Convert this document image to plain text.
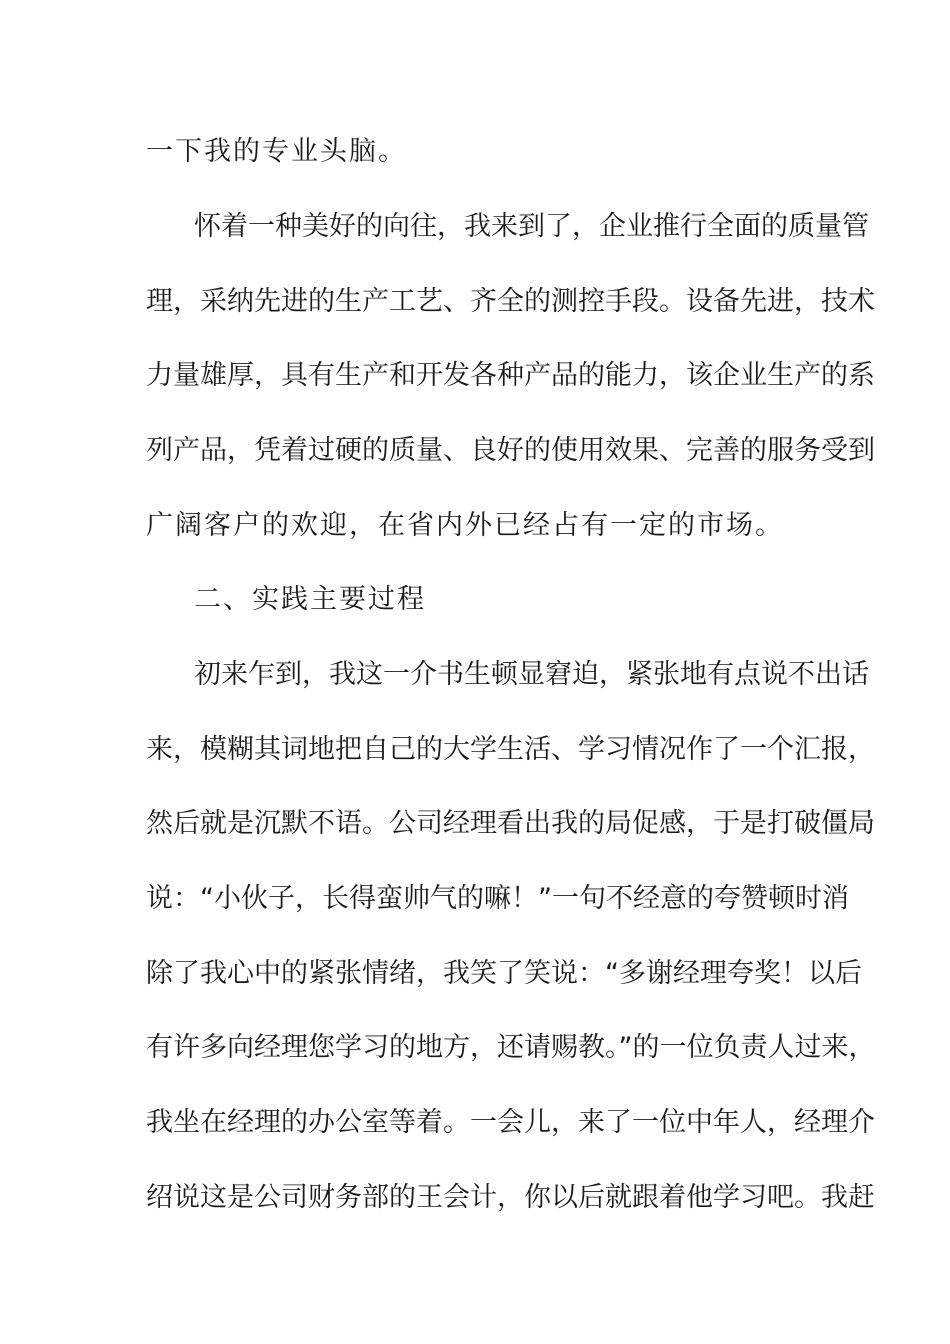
一下我的专业头脑。
怀着一种美好的向往，我来到了，企业推行全面的质量管
理，采纳先进的生产工艺、齐全的测控手段。设备先进，技术
力量雄厚，具有生产和开发各种产品的能力，该企业生产的系
列产品，凭着过硬的质量、良好的使用效果、完善的服务受到
广阔客户的欢迎，在省内外已经占有一定的市场。
二、实践主要过程
初来乍到，我这一介书生顿显窘迫，紧张地有点说不出话
来，模糊其词地把自己的大学生活、学习情况作了一个汇报，
然后就是沉默不语。公司经理看出我的局促感，于是打破僵局
说：“小伙子，长得蛮帅气的嘛！”一句不经意的夸赞顿时消
除了我心中的紧张情绪，我笑了笑说：“多谢经理夸奖！以后
有许多向经理您学习的地方，还请赐教。”的一位负责人过来，
我坐在经理的办公室等着。一会儿，来了一位中年人，经理介
绍说这是公司财务部的王会计，你以后就跟着他学习吧。我赶
